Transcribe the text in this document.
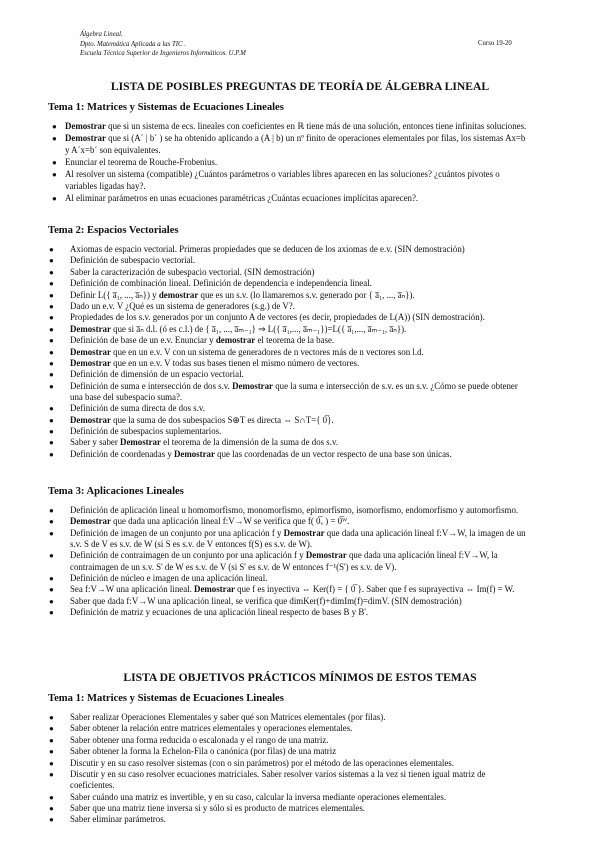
Álgebra Lineal.
Dpto. Matemática Aplicada a las TIC .
Escuela Técnica Superior de Ingenieros Informáticos. U.P.M
Curso 19-20
LISTA DE POSIBLES PREGUNTAS DE TEORÍA DE ÁLGEBRA LINEAL
Tema 1: Matrices y Sistemas de Ecuaciones Lineales
● Demostrar que si un sistema de ecs. lineales con coeficientes en ℝ tiene más de una solución, entonces tiene infinitas soluciones.
● Demostrar que si (A´ | b´ ) se ha obtenido aplicando a (A | b) un nº finito de operaciones elementales por filas, los sistemas Ax=b y A´x=b´ son equivalentes.
● Enunciar el teorema de Rouche-Frobenius.
● Al resolver un sistema (compatible) ¿Cuántos parámetros o variables libres aparecen en las soluciones? ¿cuántos pivotes o variables ligadas hay?.
● Al eliminar parámetros en unas ecuaciones paramétricas ¿Cuántas ecuaciones implícitas aparecen?.
Tema 2: Espacios Vectoriales
● Axiomas de espacio vectorial. Primeras propiedades que se deducen de los axiomas de e.v. (SIN demostración)
● Definición de subespacio vectorial.
● Saber la caracterización de subespacio vectorial. (SIN demostración)
● Definición de combinación lineal. Definición de dependencia e independencia lineal.
● Definir L({ a̅₁, ..., a̅ₙ}) y demostrar que es un s.v. (lo llamaremos s.v. generado por { a̅₁, ..., a̅ₙ}).
● Dado un e.v. V ¿Qué es un sistema de generadores (s.g.) de V?.
● Propiedades de los s.v. generados por un conjunto A de vectores (es decir, propiedades de L(A)) (SIN demostración).
● Demostrar que si a̅ₙ d.l. (ó es c.l.) de { a̅₁, ..., a̅ₘ₋₁} ⇒ L({ a̅₁,..., a̅ₘ₋₁})=L({ a̅₁,..., a̅ₘ₋₁, a̅ₙ}).
● Definición de base de un e.v. Enunciar y demostrar el teorema de la base.
● Demostrar que en un e.v. V con un sistema de generadores de n vectores más de n vectores son l.d.
● Demostrar que en un e.v. V todas sus bases tienen el mismo número de vectores.
● Definición de dimensión de un espacio vectorial.
● Definición de suma e intersección de dos s.v. Demostrar que la suma e intersección de s.v. es un s.v. ¿Cómo se puede obtener una base del subespacio suma?.
● Definición de suma directa de dos s.v.
● Demostrar que la suma de dos subespacios S⊕T es directa ⇔ S∩T={ 0̅}.
● Definición de subespacios suplementarios.
● Saber y saber Demostrar el teorema de la dimensión de la suma de dos s.v.
● Definición de coordenadas y Demostrar que las coordenadas de un vector respecto de una base son únicas.
Tema 3: Aplicaciones Lineales
● Definición de aplicación lineal u homomorfismo, monomorfismo, epimorfismo, isomorfismo, endomorfismo y automorfismo.
● Demostrar que dada una aplicación lineal f:V→W se verifica que f( 0̅ᵥ ) = 0̅ᵂ.
● Definición de imagen de un conjunto por una aplicación f y Demostrar que dada una aplicación lineal f:V→W, la imagen de un s.v. S de V es s.v. de W (si S es s.v. de V entonces f(S) es s.v. de W).
● Definición de contraimagen de un conjunto por una aplicación f y Demostrar que dada una aplicación lineal f:V→W, la contraimagen de un s.v. S' de W es s.v. de V (si S' es s.v. de W entonces f⁻¹(S') es s.v. de V).
● Definición de núcleo e imagen de una aplicación lineal.
● Sea f:V→W una aplicación lineal. Demostrar que f es inyectiva ⇔ Ker(f) = { 0̅ }. Saber que f es suprayectiva ⇔ Im(f) = W.
● Saber que dada f:V→W una aplicación lineal, se verifica que dimKer(f)+dimIm(f)=dimV. (SIN demostración)
● Definición de matriz y ecuaciones de una aplicación lineal respecto de bases B y B'.
LISTA DE OBJETIVOS PRÁCTICOS MÍNIMOS DE ESTOS TEMAS
Tema 1: Matrices y Sistemas de Ecuaciones Lineales
● Saber realizar Operaciones Elementales y saber qué son Matrices elementales (por filas).
● Saber obtener la relación entre matrices elementales y operaciones elementales.
● Saber obtener una forma reducida o escalonada y el rango de una matriz.
● Saber obtener la forma la Echelon-Fila o canónica (por filas) de una matriz
● Discutir y en su caso resolver sistemas (con o sin parámetros) por el método de las operaciones elementales.
● Discutir y en su caso resolver ecuaciones matriciales. Saber resolver varios sistemas a la vez si tienen igual matriz de coeficientes.
● Saber cuándo una matriz es invertible, y en su caso, calcular la inversa mediante operaciones elementales.
● Saber que una matriz tiene inversa si y sólo si es producto de matrices elementales.
● Saber eliminar parámetros.
